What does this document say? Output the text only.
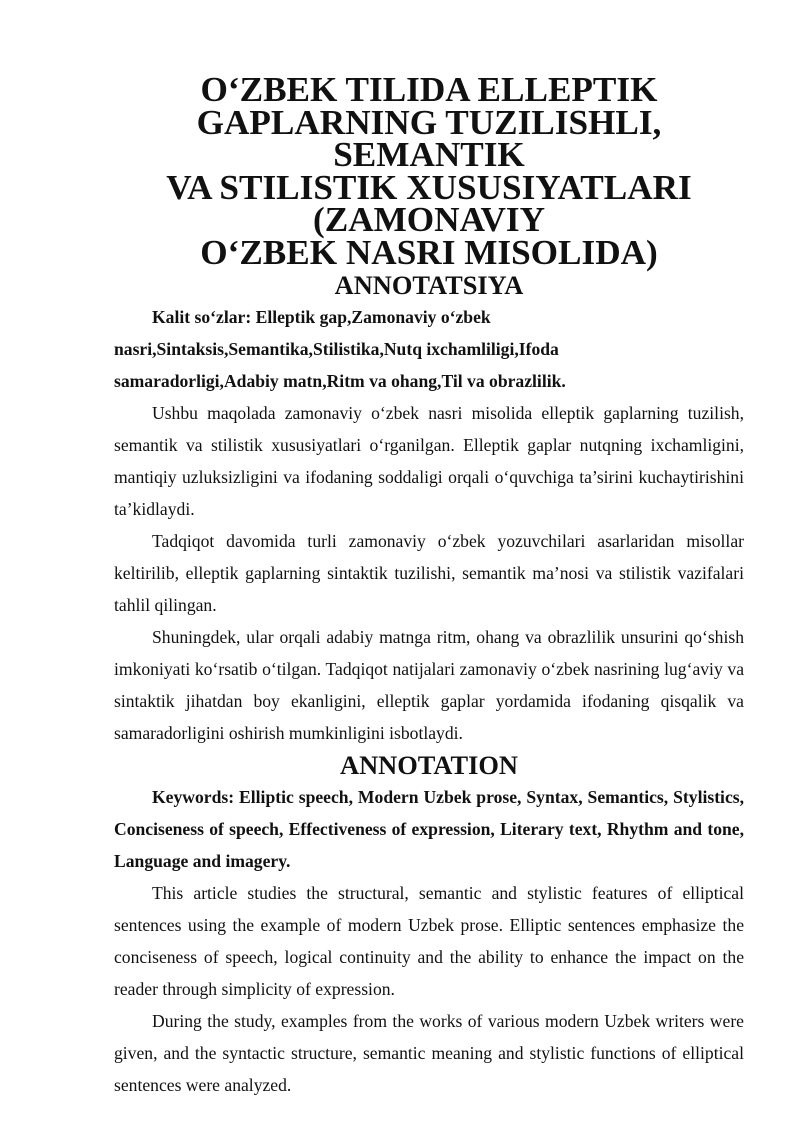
O‘ZBEK TILIDA ELLEPTIK GAPLARNING TUZILISHLI, SEMANTIK
VA STILISTIK XUSUSIYATLARI (ZAMONAVIY
O‘ZBEK NASRI MISOLIDA)
ANNOTATSIYA

Kalit so‘zlar: Elleptik gap,Zamonaviy o‘zbek
nasri,Sintaksis,Semantika,Stilistika,Nutq ixchamliligi,Ifoda
samaradorligi,Adabiy matn,Ritm va ohang,Til va obrazlilik.

Ushbu maqolada zamonaviy o‘zbek nasri misolida elleptik gaplarning tuzilish, semantik va stilistik xususiyatlari o‘rganilgan. Elleptik gaplar nutqning ixchamligini, mantiqiy uzluksizligini va ifodaning soddaligi orqali o‘quvchiga ta’sirini kuchaytirishini ta’kidlaydi.

Tadqiqot davomida turli zamonaviy o‘zbek yozuvchilari asarlaridan misollar keltirilib, elleptik gaplarning sintaktik tuzilishi, semantik ma’nosi va stilistik vazifalari tahlil qilingan.

Shuningdek, ular orqali adabiy matnga ritm, ohang va obrazlilik unsurini qo‘shish imkoniyati ko‘rsatib o‘tilgan. Tadqiqot natijalari zamonaviy o‘zbek nasrining lug‘aviy va sintaktik jihatdan boy ekanligini, elleptik gaplar yordamida ifodaning qisqalik va samaradorligini oshirish mumkinligini isbotlaydi.

ANNOTATION

Keywords: Elliptic speech, Modern Uzbek prose, Syntax, Semantics, Stylistics, Conciseness of speech, Effectiveness of expression, Literary text, Rhythm and tone, Language and imagery.

This article studies the structural, semantic and stylistic features of elliptical sentences using the example of modern Uzbek prose. Elliptic sentences emphasize the conciseness of speech, logical continuity and the ability to enhance the impact on the reader through simplicity of expression.

During the study, examples from the works of various modern Uzbek writers were given, and the syntactic structure, semantic meaning and stylistic functions of elliptical sentences were analyzed.
